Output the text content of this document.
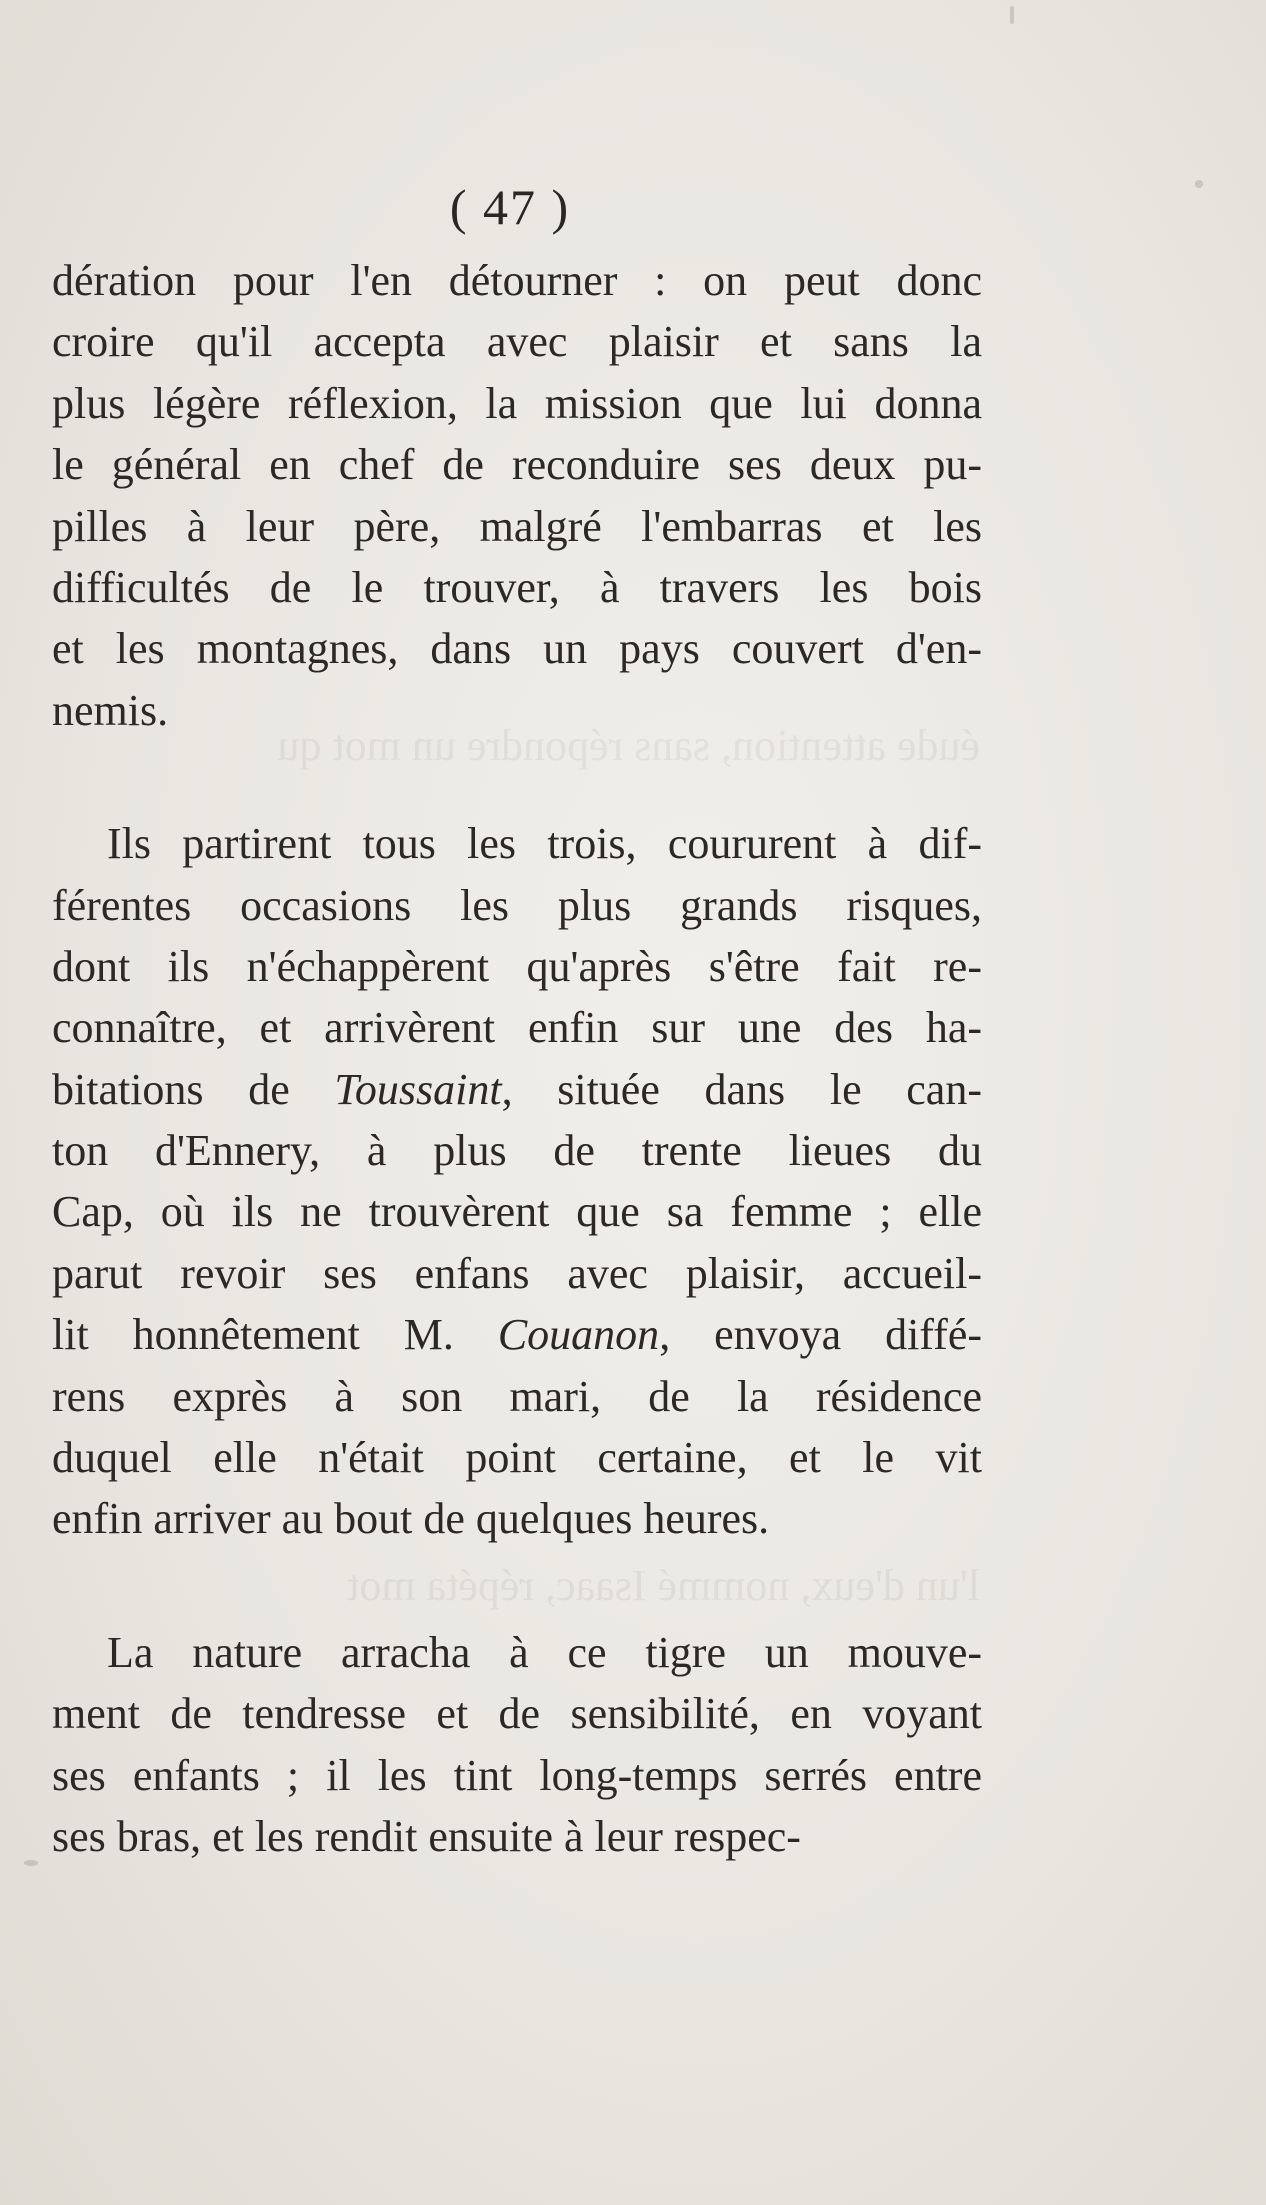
éude attention, sans répondre un mot qu
l'un d'eux, nommé Isaac, répéta mot
( 47 )
dération pour l'en détourner : on peut donc
croire qu'il accepta avec plaisir et sans la
plus légère réflexion, la mission que lui donna
le général en chef de reconduire ses deux pu-
pilles à leur père, malgré l'embarras et les
difficultés de le trouver, à travers les bois
et les montagnes, dans un pays couvert d'en-
nemis.
Ils partirent tous les trois, coururent à dif-
férentes occasions les plus grands risques,
dont ils n'échappèrent qu'après s'être fait re-
connaître, et arrivèrent enfin sur une des ha-
bitations de Toussaint, située dans le can-
ton d'Ennery, à plus de trente lieues du
Cap, où ils ne trouvèrent que sa femme ; elle
parut revoir ses enfans avec plaisir, accueil-
lit honnêtement M. Couanon, envoya diffé-
rens exprès à son mari, de la résidence
duquel elle n'était point certaine, et le vit
enfin arriver au bout de quelques heures.
La nature arracha à ce tigre un mouve-
ment de tendresse et de sensibilité, en voyant
ses enfants ; il les tint long-temps serrés entre
ses bras, et les rendit ensuite à leur respec-
